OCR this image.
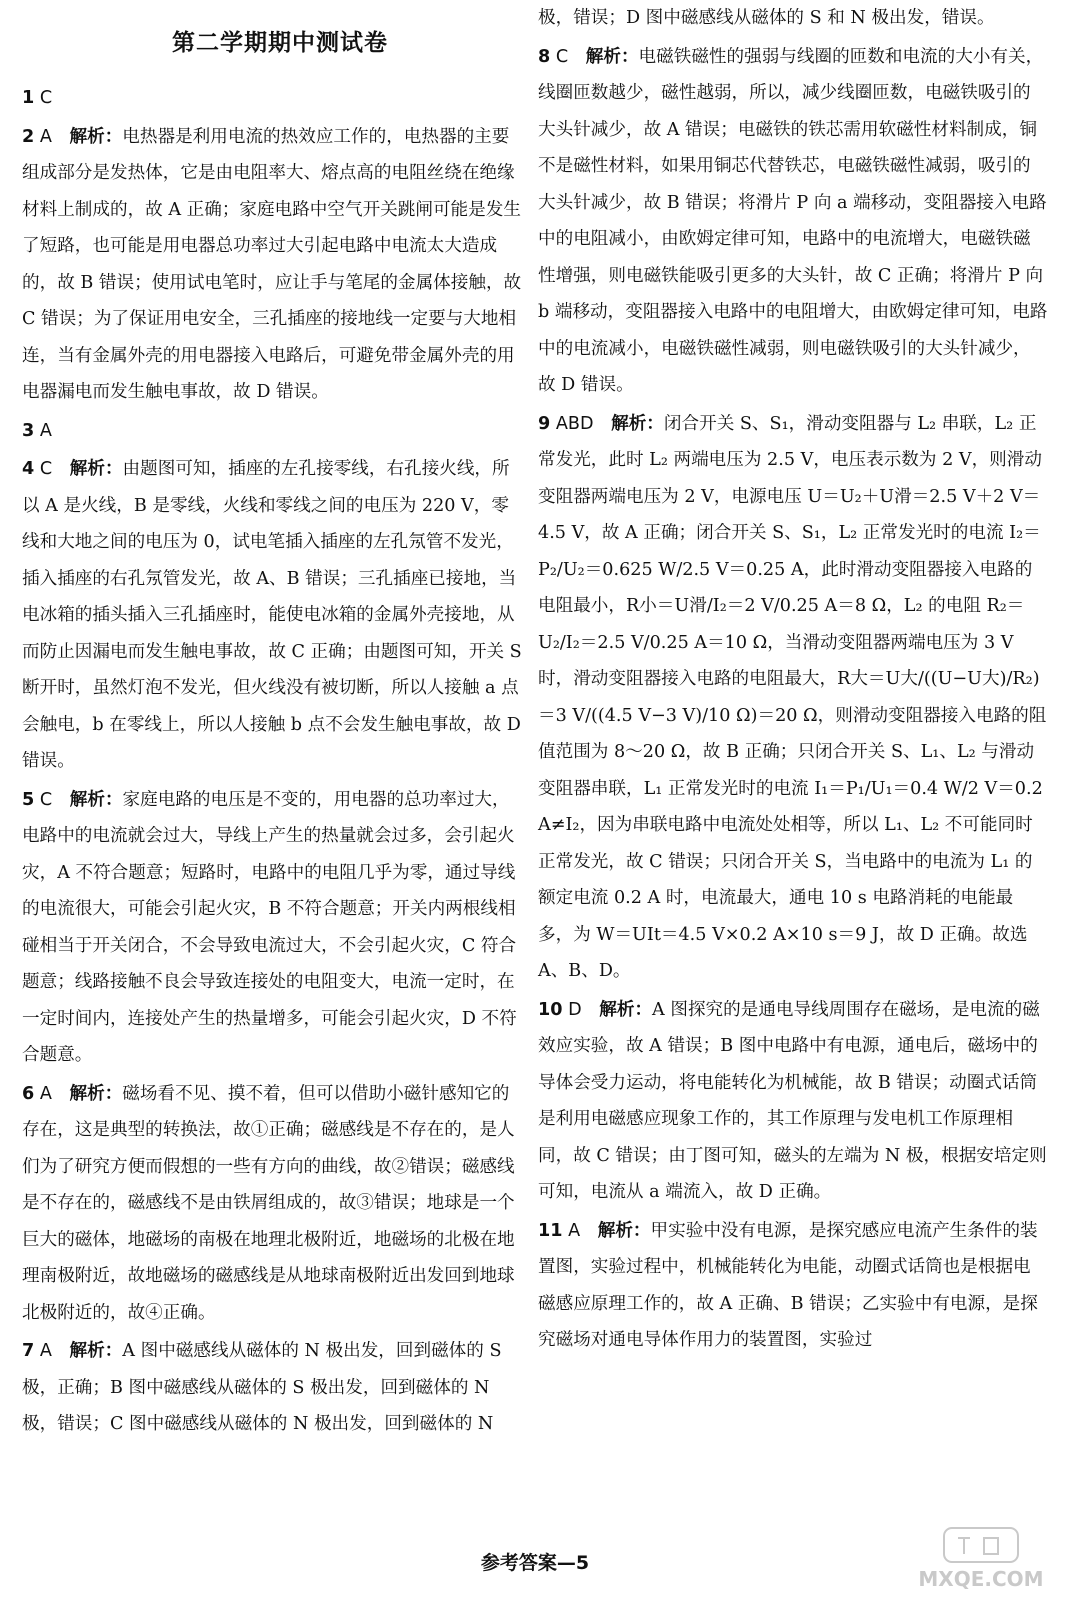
第二学期期中测试卷
1 C　
2 A　 解析：电热器是利用电流的热效应工作的，电热器的主要组成部分是发热体，它是由电阻率大、熔点高的电阻丝绕在绝缘材料上制成的，故 A 正确；家庭电路中空气开关跳闸可能是发生了短路，也可能是用电器总功率过大引起电路中电流太大造成的，故 B 错误；使用试电笔时，应让手与笔尾的金属体接触，故 C 错误；为了保证用电安全，三孔插座的接地线一定要与大地相连，当有金属外壳的用电器接入电路后，可避免带金属外壳的用电器漏电而发生触电事故，故 D 错误。
3 A　
4 C　 解析：由题图可知，插座的左孔接零线，右孔接火线，所以 A 是火线，B 是零线，火线和零线之间的电压为 220 V，零线和大地之间的电压为 0，试电笔插入插座的左孔氖管不发光，插入插座的右孔氖管发光，故 A、B 错误；三孔插座已接地，当电冰箱的插头插入三孔插座时，能使电冰箱的金属外壳接地，从而防止因漏电而发生触电事故，故 C 正确；由题图可知，开关 S 断开时，虽然灯泡不发光，但火线没有被切断，所以人接触 a 点会触电，b 在零线上，所以人接触 b 点不会发生触电事故，故 D 错误。
5 C　 解析：家庭电路的电压是不变的，用电器的总功率过大，电路中的电流就会过大，导线上产生的热量就会过多，会引起火灾，A 不符合题意；短路时，电路中的电阻几乎为零，通过导线的电流很大，可能会引起火灾，B 不符合题意；开关内两根线相碰相当于开关闭合，不会导致电流过大，不会引起火灾，C 符合题意；线路接触不良会导致连接处的电阻变大，电流一定时，在一定时间内，连接处产生的热量增多，可能会引起火灾，D 不符合题意。
6 A　 解析：磁场看不见、摸不着，但可以借助小磁针感知它的存在，这是典型的转换法，故①正确；磁感线是不存在的，是人们为了研究方便而假想的一些有方向的曲线，故②错误；磁感线是不存在的，磁感线不是由铁屑组成的，故③错误；地球是一个巨大的磁体，地磁场的南极在地理北极附近，地磁场的北极在地理南极附近，故地磁场的磁感线是从地球南极附近出发回到地球北极附近的，故④正确。
7 A　 解析：A 图中磁感线从磁体的 N 极出发，回到磁体的 S 极，正确；B 图中磁感线从磁体的 S 极出发，回到磁体的 N 极，错误；C 图中磁感线从磁体的 N 极出发，回到磁体的 N
极，错误；D 图中磁感线从磁体的 S 和 N 极出发，错误。
8 C　 解析：电磁铁磁性的强弱与线圈的匝数和电流的大小有关，线圈匝数越少，磁性越弱，所以，减少线圈匝数，电磁铁吸引的大头针减少，故 A 错误；电磁铁的铁芯需用软磁性材料制成，铜不是磁性材料，如果用铜芯代替铁芯，电磁铁磁性减弱，吸引的大头针减少，故 B 错误；将滑片 P 向 a 端移动，变阻器接入电路中的电阻减小，由欧姆定律可知，电路中的电流增大，电磁铁磁性增强，则电磁铁能吸引更多的大头针，故 C 正确；将滑片 P 向 b 端移动，变阻器接入电路中的电阻增大，由欧姆定律可知，电路中的电流减小，电磁铁磁性减弱，则电磁铁吸引的大头针减少，故 D 错误。
9 ABD　 解析：闭合开关 S、S₁，滑动变阻器与 L₂ 串联，L₂ 正常发光，此时 L₂ 两端电压为 2.5 V，电压表示数为 2 V，则滑动变阻器两端电压为 2 V，电源电压 U＝U₂＋U滑＝2.5 V＋2 V＝4.5 V，故 A 正确；闭合开关 S、S₁，L₂ 正常发光时的电流 I₂＝P₂/U₂＝0.625 W/2.5 V＝0.25 A，此时滑动变阻器接入电路的电阻最小，R小＝U滑/I₂＝2 V/0.25 A＝8 Ω，L₂ 的电阻 R₂＝U₂/I₂＝2.5 V/0.25 A＝10 Ω，当滑动变阻器两端电压为 3 V 时，滑动变阻器接入电路的电阻最大，R大＝U大/((U−U大)/R₂)＝3 V/((4.5 V−3 V)/10 Ω)＝20 Ω，则滑动变阻器接入电路的阻值范围为 8～20 Ω，故 B 正确；只闭合开关 S、L₁、L₂ 与滑动变阻器串联，L₁ 正常发光时的电流 I₁＝P₁/U₁＝0.4 W/2 V＝0.2 A≠I₂，因为串联电路中电流处处相等，所以 L₁、L₂ 不可能同时正常发光，故 C 错误；只闭合开关 S，当电路中的电流为 L₁ 的额定电流 0.2 A 时，电流最大，通电 10 s 电路消耗的电能最多，为 W＝UIt＝4.5 V×0.2 A×10 s＝9 J，故 D 正确。故选 A、B、D。
10 D　 解析：A 图探究的是通电导线周围存在磁场，是电流的磁效应实验，故 A 错误；B 图中电路中有电源，通电后，磁场中的导体会受力运动，将电能转化为机械能，故 B 错误；动圈式话筒是利用电磁感应现象工作的，其工作原理与发电机工作原理相同，故 C 错误；由丁图可知，磁头的左端为 N 极，根据安培定则可知，电流从 a 端流入，故 D 正确。
11 A　 解析：甲实验中没有电源，是探究感应电流产生条件的装置图，实验过程中，机械能转化为电能，动圈式话筒也是根据电磁感应原理工作的，故 A 正确、B 错误；乙实验中有电源，是探究磁场对通电导体作用力的装置图，实验过
参考答案—5
MXQE.COM
